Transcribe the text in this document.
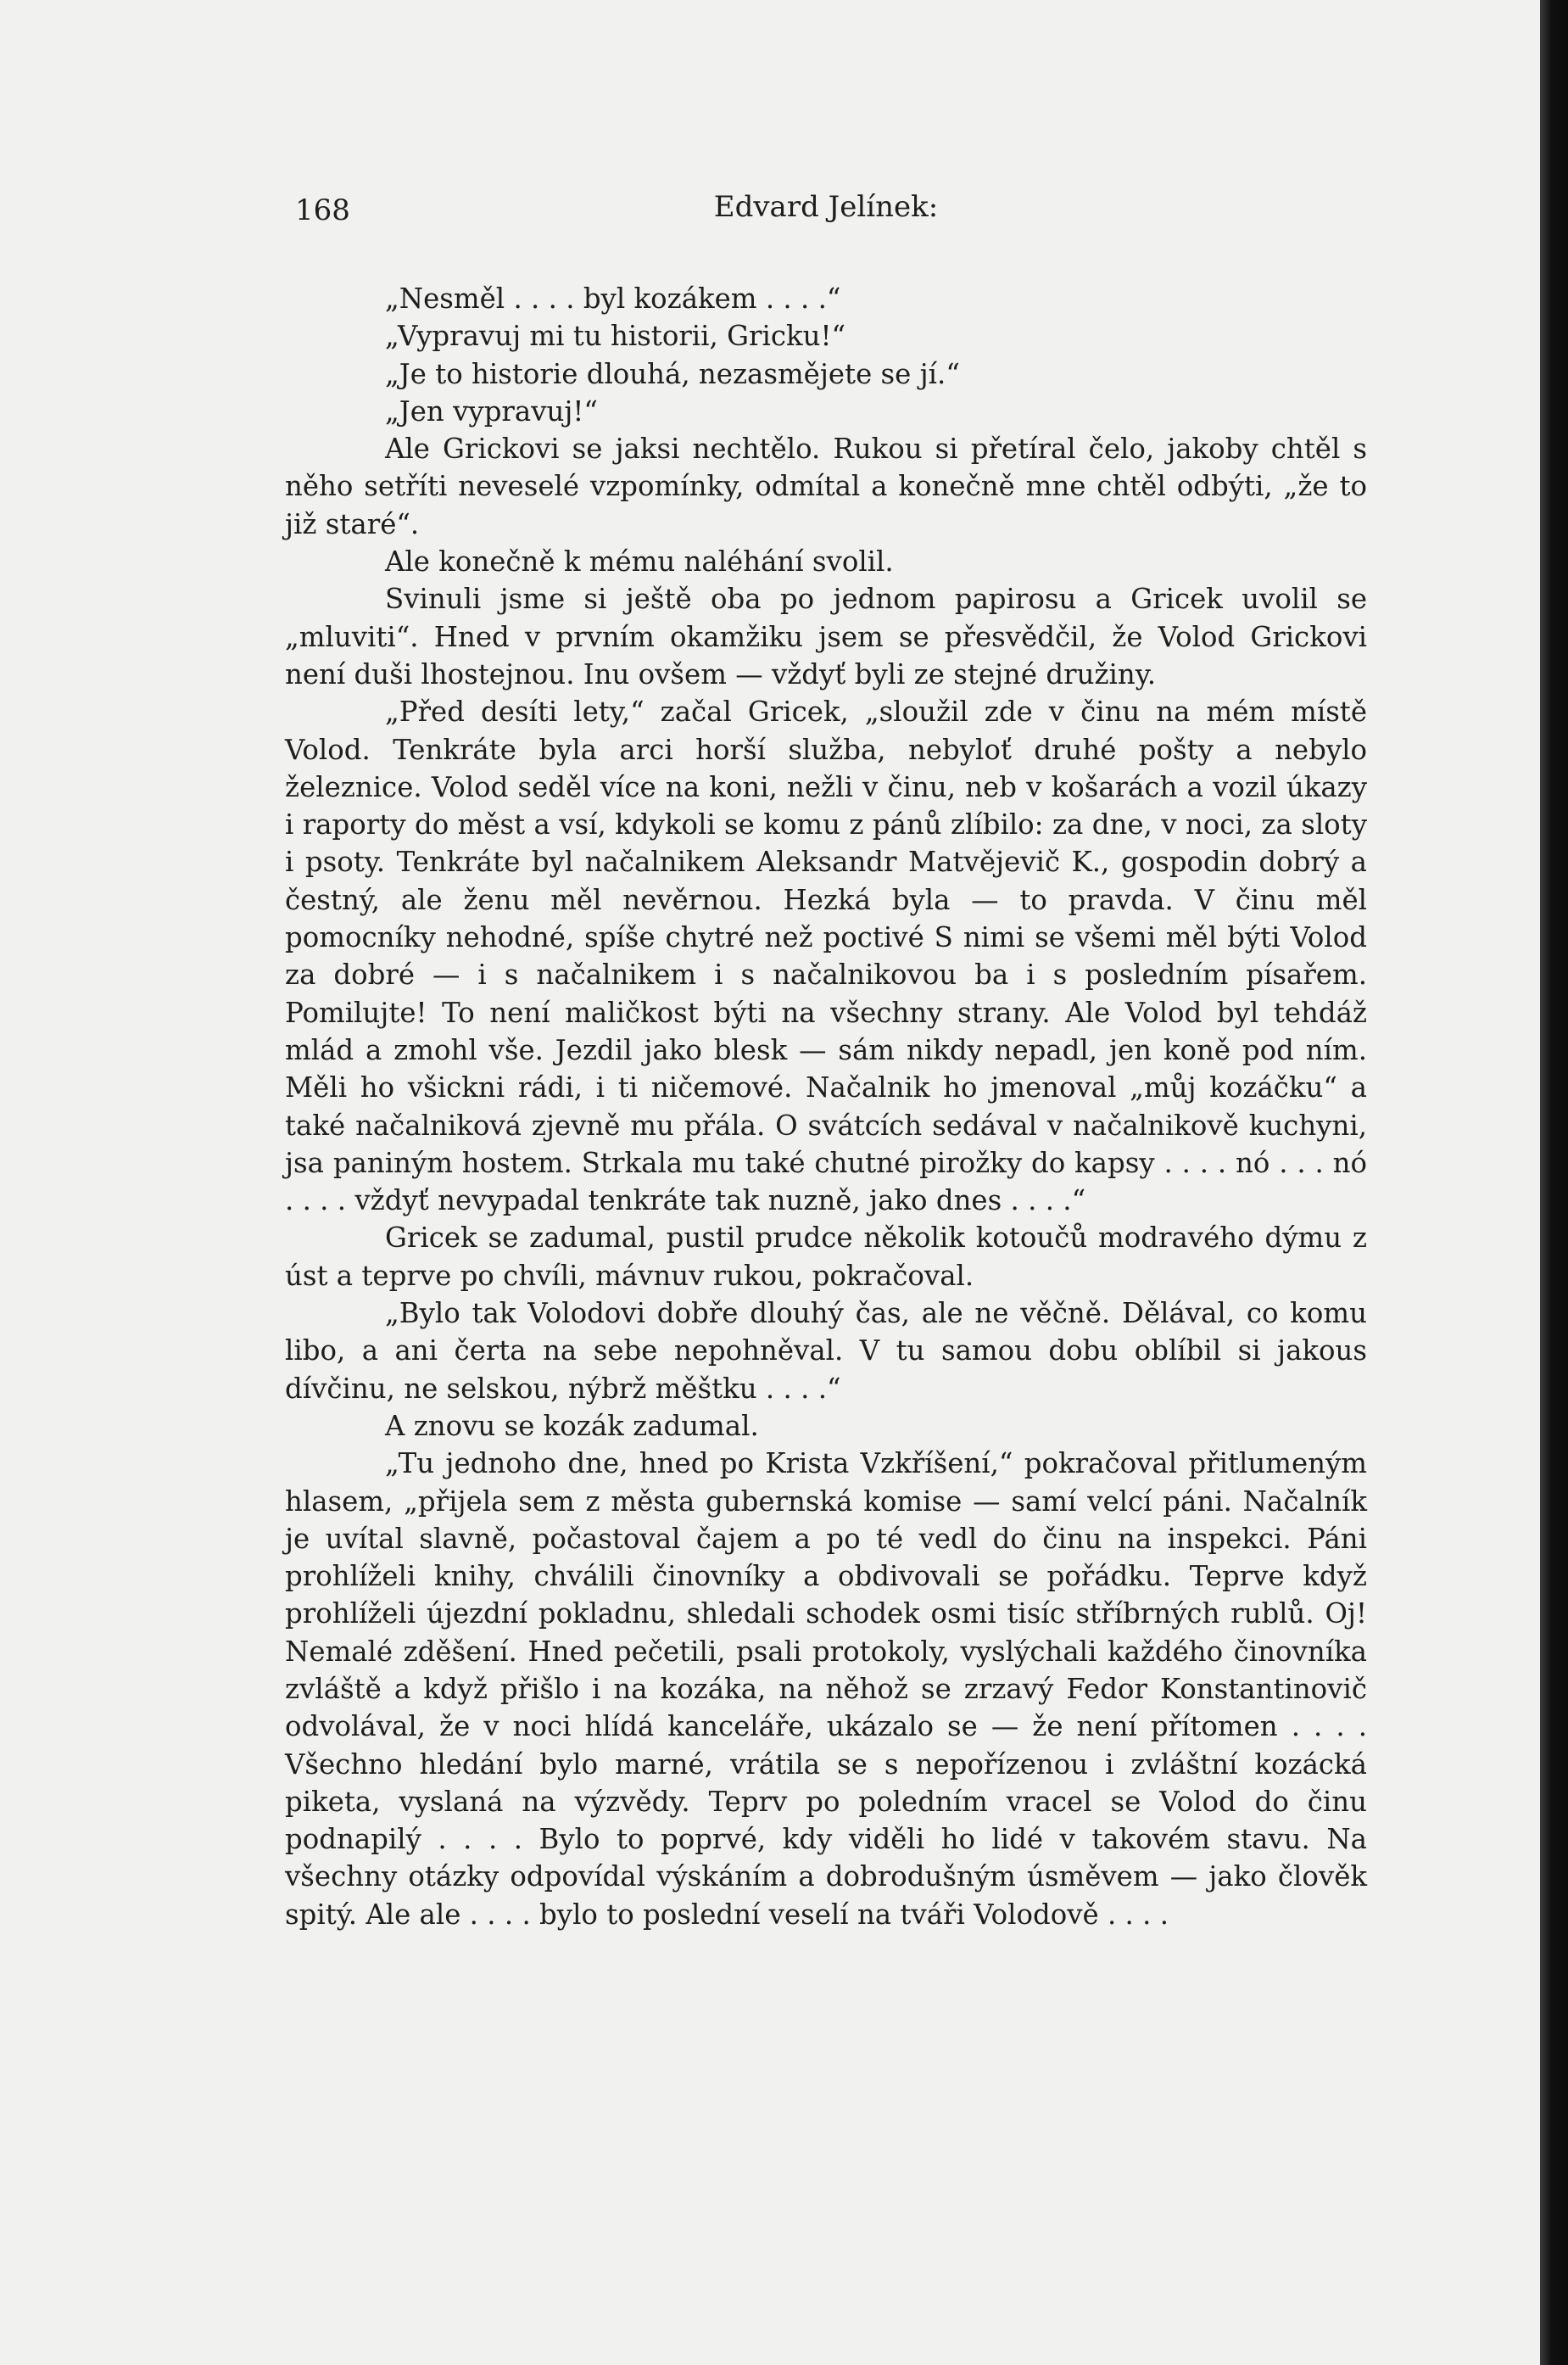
168	Edvard Jelínek:

„Nesměl . . . . byl kozákem . . . .“

„Vypravuj mi tu historii, Gricku!“

„Je to historie dlouhá, nezasmějete se jí.“

„Jen vypravuj!“

Ale Grickovi se jaksi nechtělo. Rukou si přetíral čelo, jakoby chtěl s něho setříti neveselé vzpomínky, odmítal a konečně mne chtěl odbýti, „že to již staré“.

Ale konečně k mému naléhání svolil.

Svinuli jsme si ještě oba po jednom papirosu a Gricek uvolil se „mluviti“. Hned v prvním okamžiku jsem se přesvědčil, že Volod Grickovi není duši lhostejnou. Inu ovšem — vždyť byli ze stejné družiny.

„Před desíti lety,“ začal Gricek, „sloužil zde v činu na mém místě Volod. Tenkráte byla arci horší služba, nebyloť druhé pošty a nebylo železnice. Volod seděl více na koni, nežli v činu, neb v košarách a vozil úkazy i raporty do měst a vsí, kdykoli se komu z pánů zlíbilo: za dne, v noci, za sloty i psoty. Tenkráte byl načalnikem Aleksandr Matvějevič K., gospodin dobrý a čestný, ale ženu měl nevěrnou. Hezká byla — to pravda. V činu měl pomocníky nehodné, spíše chytré než poctivé S nimi se všemi měl býti Volod za dobré — i s načalnikem i s načalnikovou ba i s posledním písařem. Pomilujte! To není maličkost býti na všechny strany. Ale Volod byl tehdáž mlád a zmohl vše. Jezdil jako blesk — sám nikdy nepadl, jen koně pod ním. Měli ho všickni rádi, i ti ničemové. Načalnik ho jmenoval „můj kozáčku“ a také načalniková zjevně mu přála. O svátcích sedával v načalnikově kuchyni, jsa paniným hostem. Strkala mu také chutné pirožky do kapsy . . . . nó . . . nó . . . . vždyť nevypadal tenkráte tak nuzně, jako dnes . . . .“

Gricek se zadumal, pustil prudce několik kotoučů modravého dýmu z úst a teprve po chvíli, mávnuv rukou, pokračoval.

„Bylo tak Volodovi dobře dlouhý čas, ale ne věčně. Dělával, co komu libo, a ani čerta na sebe nepohněval. V tu samou dobu oblíbil si jakous dívčinu, ne selskou, nýbrž měštku . . . .“

A znovu se kozák zadumal.

„Tu jednoho dne, hned po Krista Vzkříšení,“ pokračoval přitlumeným hlasem, „přijela sem z města gubernská komise — samí velcí páni. Načalník je uvítal slavně, počastoval čajem a po té vedl do činu na inspekci. Páni prohlíželi knihy, chválili činovníky a obdivovali se pořádku. Teprve když prohlíželi újezdní pokladnu, shledali schodek osmi tisíc stříbrných rublů. Oj! Nemalé zděšení. Hned pečetili, psali protokoly, vyslýchali každého činovníka zvláště a když přišlo i na kozáka, na něhož se zrzavý Fedor Konstantinovič odvolával, že v noci hlídá kanceláře, ukázalo se — že není přítomen . . . . Všechno hledání bylo marné, vrátila se s nepořízenou i zvláštní kozácká piketa, vyslaná na výzvědy. Teprv po poledním vracel se Volod do činu podnapilý . . . . Bylo to poprvé, kdy viděli ho lidé v takovém stavu. Na všechny otázky odpovídal výskáním a dobrodušným úsměvem — jako člověk spitý. Ale ale . . . . bylo to poslední veselí na tváři Volodově . . . .
